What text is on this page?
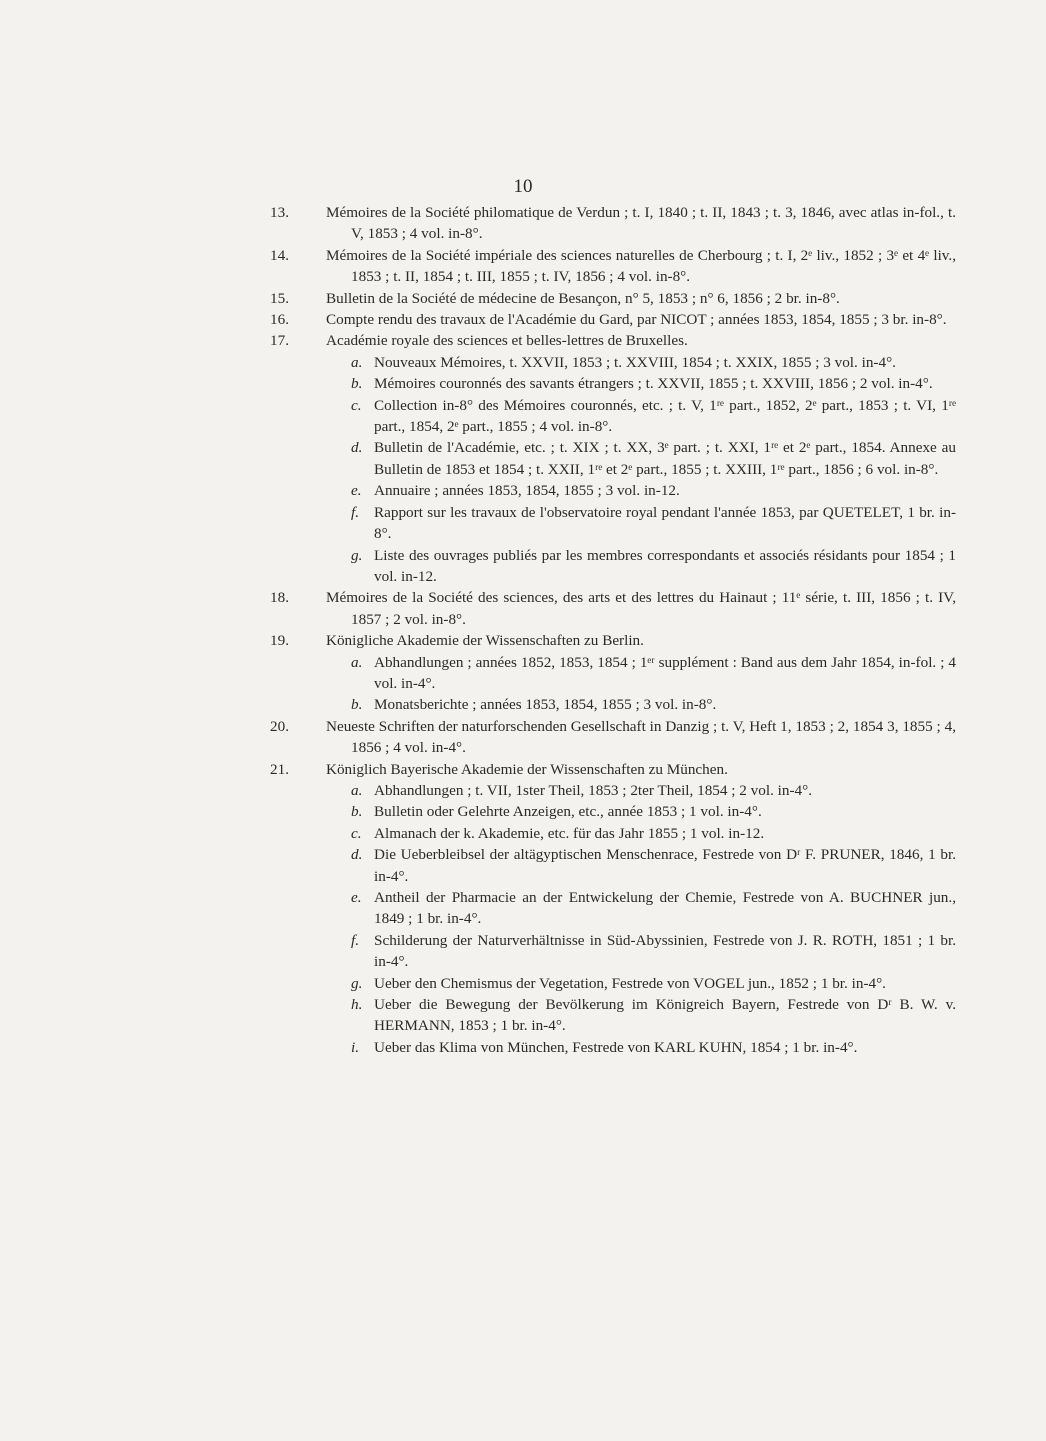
10
13. Mémoires de la Société philomatique de Verdun ; t. I, 1840 ; t. II, 1843 ; t. 3, 1846, avec atlas in-fol., t. V, 1853 ; 4 vol. in-8°.
14. Mémoires de la Société impériale des sciences naturelles de Cherbourg ; t. I, 2ᵉ liv., 1852 ; 3ᵉ et 4ᵉ liv., 1853 ; t. II, 1854 ; t. III, 1855 ; t. IV, 1856 ; 4 vol. in-8°.
15. Bulletin de la Société de médecine de Besançon, n° 5, 1853 ; n° 6, 1856 ; 2 br. in-8°.
16. Compte rendu des travaux de l'Académie du Gard, par NICOT ; années 1853, 1854, 1855 ; 3 br. in-8°.
17. Académie royale des sciences et belles-lettres de Bruxelles.
a. Nouveaux Mémoires, t. XXVII, 1853 ; t. XXVIII, 1854 ; t. XXIX, 1855 ; 3 vol. in-4°.
b. Mémoires couronnés des savants étrangers ; t. XXVII, 1855 ; t. XXVIII, 1856 ; 2 vol. in-4°.
c. Collection in-8° des Mémoires couronnés, etc. ; t. V, 1ʳᵉ part., 1852, 2ᵉ part., 1853 ; t. VI, 1ʳᵉ part., 1854, 2ᵉ part., 1855 ; 4 vol. in-8°.
d. Bulletin de l'Académie, etc. ; t. XIX ; t. XX, 3ᵉ part. ; t. XXI, 1ʳᵉ et 2ᵉ part., 1854. Annexe au Bulletin de 1853 et 1854 ; t. XXII, 1ʳᵉ et 2ᵉ part., 1855 ; t. XXIII, 1ʳᵉ part., 1856 ; 6 vol. in-8°.
e. Annuaire ; années 1853, 1854, 1855 ; 3 vol. in-12.
f. Rapport sur les travaux de l'observatoire royal pendant l'année 1853, par QUETELET, 1 br. in-8°.
g. Liste des ouvrages publiés par les membres correspondants et associés résidants pour 1854 ; 1 vol. in-12.
18. Mémoires de la Société des sciences, des arts et des lettres du Hainaut ; 11ᵉ série, t. III, 1856 ; t. IV, 1857 ; 2 vol. in-8°.
19. Königliche Akademie der Wissenschaften zu Berlin.
a. Abhandlungen ; années 1852, 1853, 1854 ; 1ᵉʳ supplément : Band aus dem Jahr 1854, in-fol. ; 4 vol. in-4°.
b. Monatsberichte ; années 1853, 1854, 1855 ; 3 vol. in-8°.
20. Neueste Schriften der naturforschenden Gesellschaft in Danzig ; t. V, Heft 1, 1853 ; 2, 1854 3, 1855 ; 4, 1856 ; 4 vol. in-4°.
21. Königlich Bayerische Akademie der Wissenschaften zu München.
a. Abhandlungen ; t. VII, 1ster Theil, 1853 ; 2ter Theil, 1854 ; 2 vol. in-4°.
b. Bulletin oder Gelehrte Anzeigen, etc., année 1853 ; 1 vol. in-4°.
c. Almanach der k. Akademie, etc. für das Jahr 1855 ; 1 vol. in-12.
d. Die Ueberbleibsel der altägyptischen Menschenrace, Festrede von Dʳ F. PRUNER, 1846, 1 br. in-4°.
e. Antheil der Pharmacie an der Entwickelung der Chemie, Festrede von A. BUCHNER jun., 1849 ; 1 br. in-4°.
f. Schilderung der Naturverhältnisse in Süd-Abyssinien, Festrede von J. R. ROTH, 1851 ; 1 br. in-4°.
g. Ueber den Chemismus der Vegetation, Festrede von VOGEL jun., 1852 ; 1 br. in-4°.
h. Ueber die Bewegung der Bevölkerung im Königreich Bayern, Festrede von Dʳ B. W. v. HERMANN, 1853 ; 1 br. in-4°.
i. Ueber das Klima von München, Festrede von KARL KUHN, 1854 ; 1 br. in-4°.
